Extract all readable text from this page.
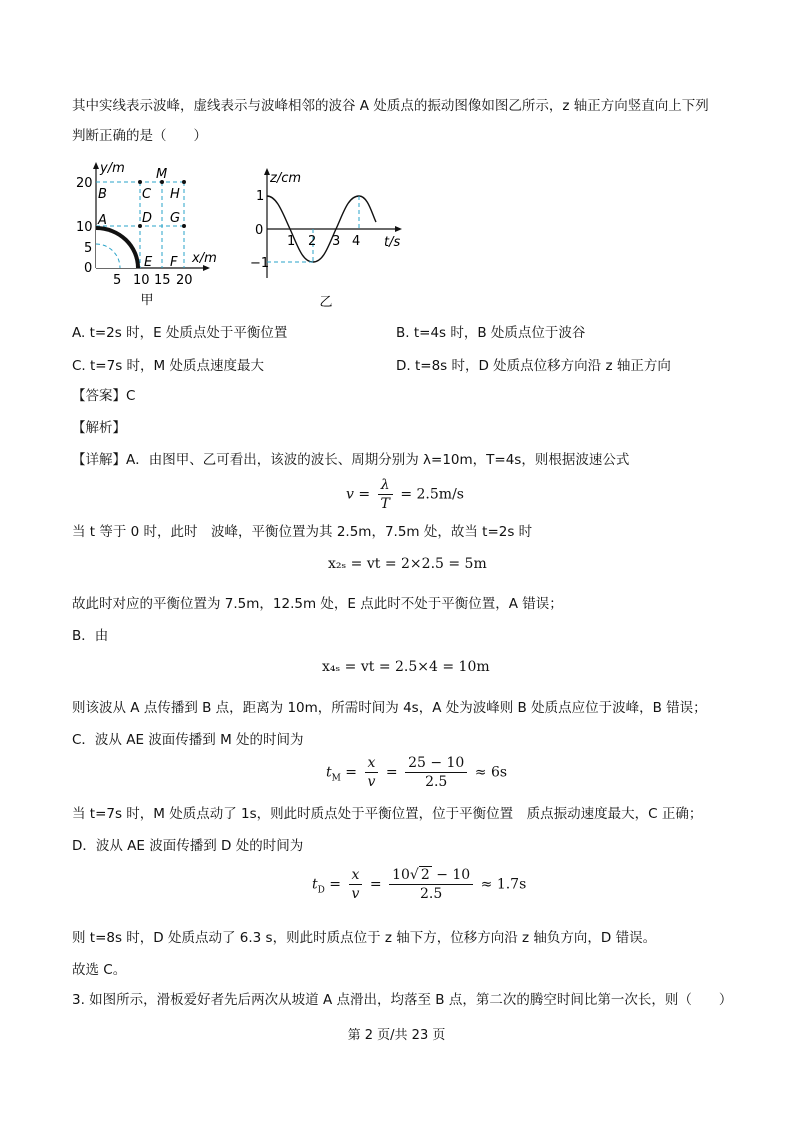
其中实线表示波峰，虚线表示与波峰相邻的波谷 A 处质点的振动图像如图乙所示，z 轴正方向竖直向上下列
判断正确的是（　　）
y/m
x/m
20
10
5
0
5 10 15 20
B	C
M
H
A	D G
E F
甲
z/cm
t/s
1
0
−1
1 2 3 4
乙
A. t=2s 时，E 处质点处于平衡位置	B. t=4s 时，B 处质点位于波谷
C. t=7s 时，M 处质点速度最大	D. t=8s 时，D 处质点位移方向沿 z 轴正方向
【答案】C
【解析】
【详解】A．由图甲、乙可看出，该波的波长、周期分别为 λ=10m，T=4s，则根据波速公式
$v = \frac{\lambda}{T} = 2.5m/s$
当 t 等于 0 时，此时　波峰，平衡位置为其 2.5m，7.5m 处，故当 t=2s 时
x₂ₛ = vt = 2×2.5 = 5m
故此时对应的平衡位置为 7.5m，12.5m 处，E 点此时不处于平衡位置，A 错误；
B．由
x₄ₛ = vt = 2.5×4 = 10m
则该波从 A 点传播到 B 点，距离为 10m，所需时间为 4s，A 处为波峰则 B 处质点应位于波峰，B 错误；
C．波从 AE 波面传播到 M 处的时间为
$t_M = \frac{x}{v} = \frac{25 - 10}{2.5} \approx 6s$
当 t=7s 时，M 处质点动了 1s，则此时质点处于平衡位置，位于平衡位置　质点振动速度最大，C 正确；
D．波从 AE 波面传播到 D 处的时间为
$t_D = \frac{x}{v} = \frac{10√ 2 - 10}{2.5} \approx 1.7s$
则 t=8s 时，D 处质点动了 6.3 s，则此时质点位于 z 轴下方，位移方向沿 z 轴负方向，D 错误。
故选 C。
3. 如图所示，滑板爱好者先后两次从坡道 A 点滑出，均落至 B 点，第二次的腾空时间比第一次长，则（　　）
第 2 页/共 23 页
